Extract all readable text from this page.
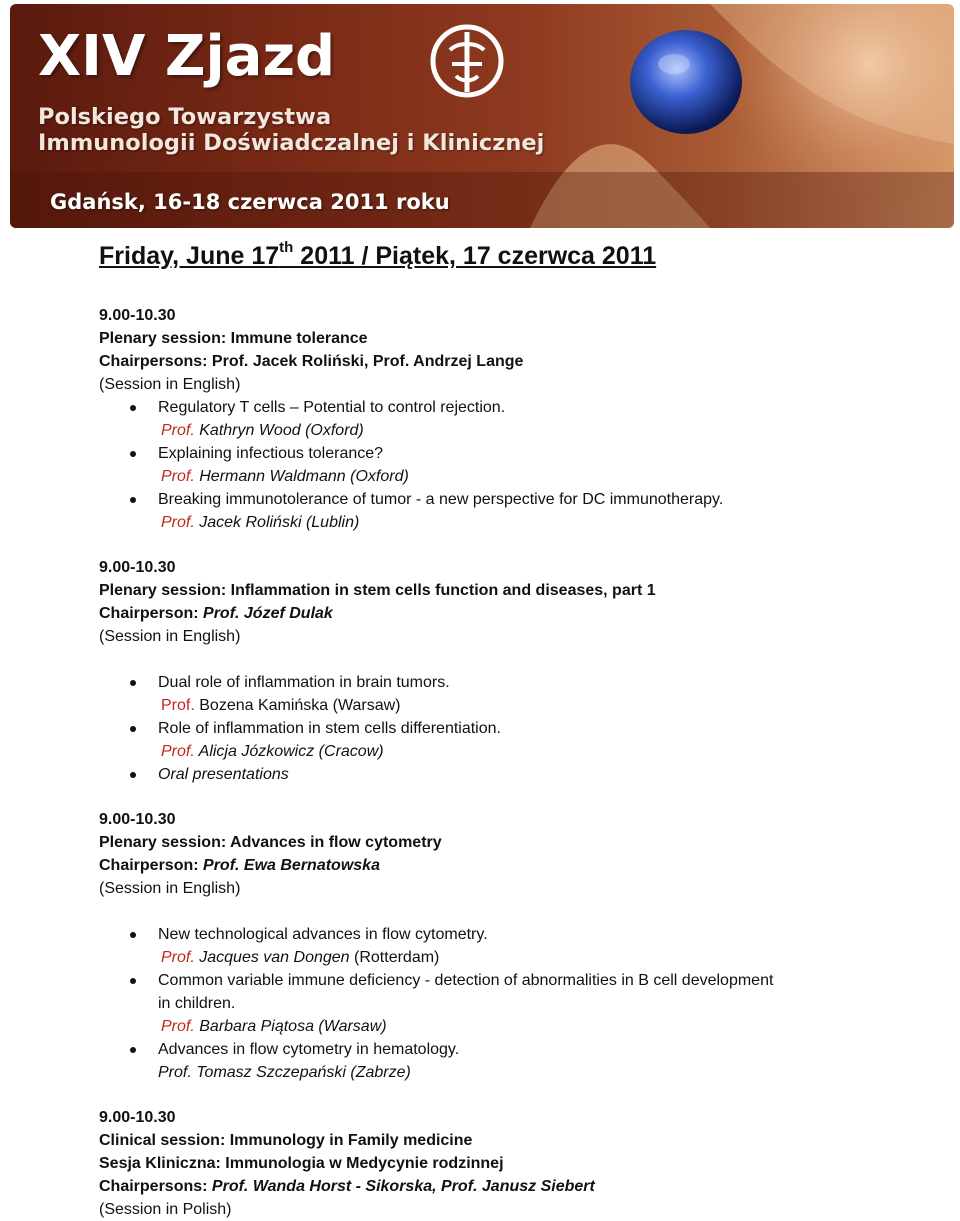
XIV Zjazd

Polskiego Towarzystwa

Immunologii Doświadczalnej i Klinicznej

Gdańsk, 16-18 czerwca 2011 roku

Friday, June 17th 2011 / Piątek, 17 czerwca 2011
9.00-10.30
Plenary session: Immune tolerance
Chairpersons: Prof. Jacek Roliński, Prof. Andrzej Lange
(Session in English)
Regulatory T cells – Potential to control rejection.
Prof. Kathryn Wood (Oxford)
Explaining infectious tolerance?
Prof. Hermann Waldmann (Oxford)
Breaking immunotolerance of tumor - a new perspective for DC immunotherapy.
Prof. Jacek Roliński (Lublin)
9.00-10.30
Plenary session: Inflammation in stem cells function and diseases, part 1
Chairperson: Prof. Józef Dulak
(Session in English)
Dual role of inflammation in brain tumors.
Prof. Bozena Kamińska (Warsaw)
Role of inflammation in stem cells differentiation.
Prof. Alicja Józkowicz (Cracow)
Oral presentations
9.00-10.30
Plenary session: Advances in flow cytometry
Chairperson: Prof. Ewa Bernatowska
(Session in English)
New technological advances in flow cytometry.
Prof. Jacques van Dongen (Rotterdam)
Common variable immune deficiency - detection of abnormalities in B cell development
in children.
Prof. Barbara Piątosa (Warsaw)
Advances in flow cytometry in hematology.
Prof. Tomasz Szczepański (Zabrze)
9.00-10.30
Clinical session: Immunology in Family medicine
Sesja Kliniczna: Immunologia w Medycynie rodzinnej
Chairpersons: Prof. Wanda Horst - Sikorska, Prof. Janusz Siebert
(Session in Polish)
